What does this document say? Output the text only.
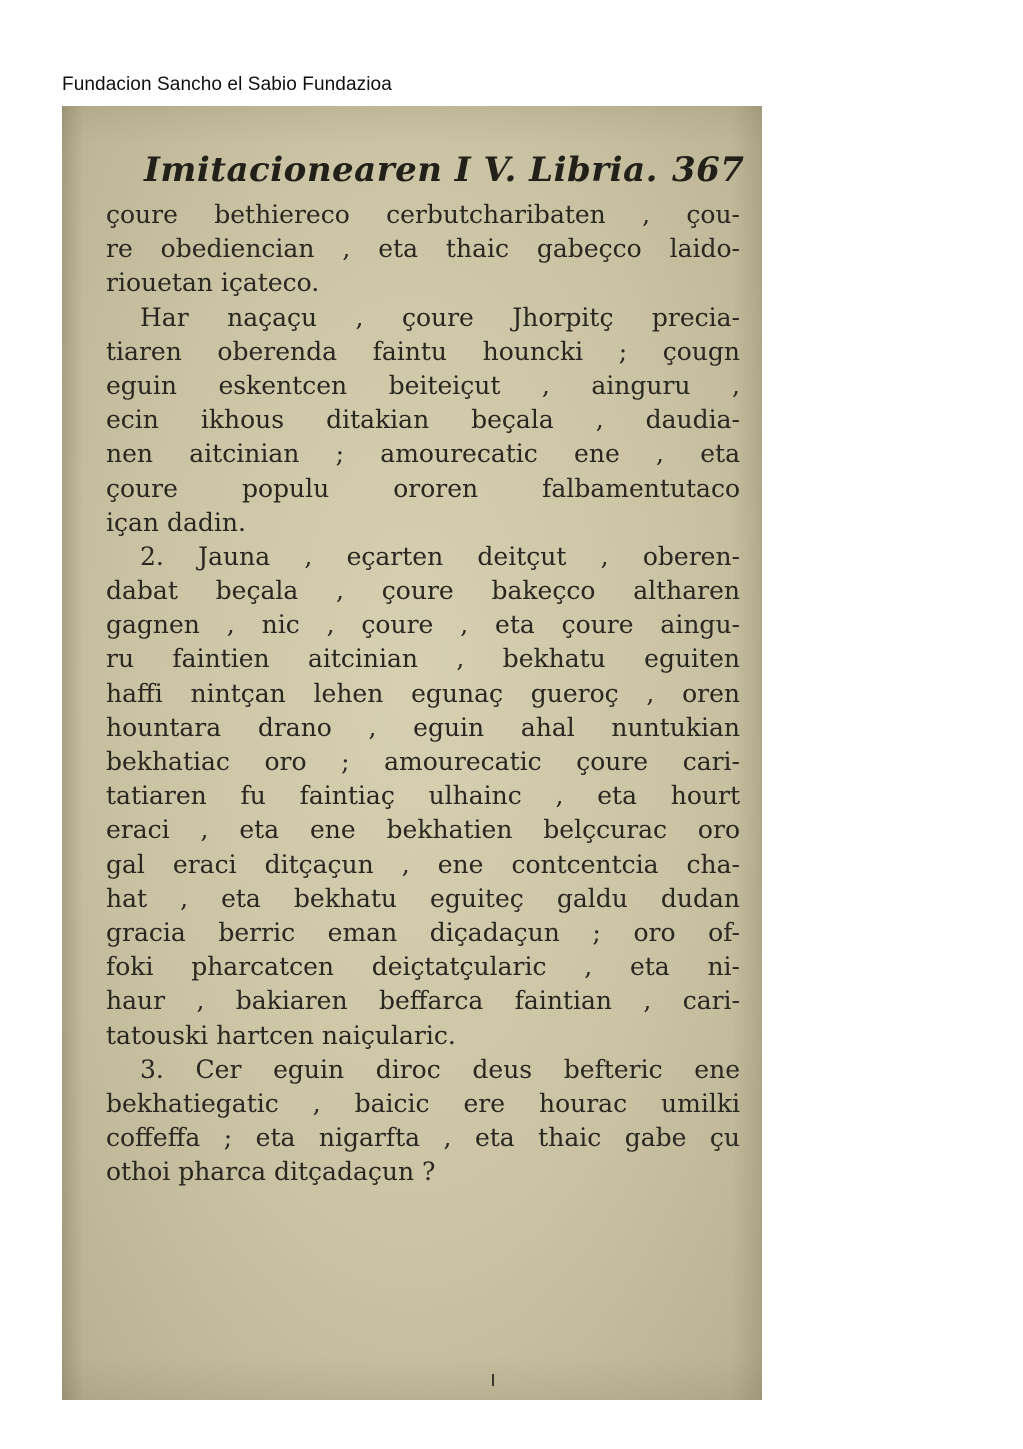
Fundacion Sancho el Sabio Fundazioa
Imitacionearen I V. Libria. 367
çoure bethiereco cerbutcharibaten , çou-
re obediencian , eta thaic gabeçco laido-
riouetan içateco.
Har naçaçu , çoure Jhorpitç precia-
tiaren oberenda faintu houncki ; çougn
eguin eskentcen beiteiçut , ainguru ,
ecin ikhous ditakian beçala , daudia-
nen aitcinian ; amourecatic ene , eta
çoure populu ororen falbamentutaco
içan dadin.
2. Jauna , eçarten deitçut , oberen-
dabat beçala , çoure bakeçco altharen
gagnen , nic , çoure , eta çoure aingu-
ru faintien aitcinian , bekhatu eguiten
haffi nintçan lehen egunaç gueroç , oren
hountara drano , eguin ahal nuntukian
bekhatiac oro ; amourecatic çoure cari-
tatiaren fu faintiaç ulhainc , eta hourt
eraci , eta ene bekhatien belçcurac oro
gal eraci ditçaçun , ene contcentcia cha-
hat , eta bekhatu eguiteç galdu dudan
gracia berric eman diçadaçun ; oro of-
foki pharcatcen deiçtatçularic , eta ni-
haur , bakiaren beffarca faintian , cari-
tatouski hartcen naiçularic.
3. Cer eguin diroc deus befteric ene
bekhatiegatic , baicic ere hourac umilki
coffeffa ; eta nigarfta , eta thaic gabe çu
othoi pharca ditçadaçun ?
